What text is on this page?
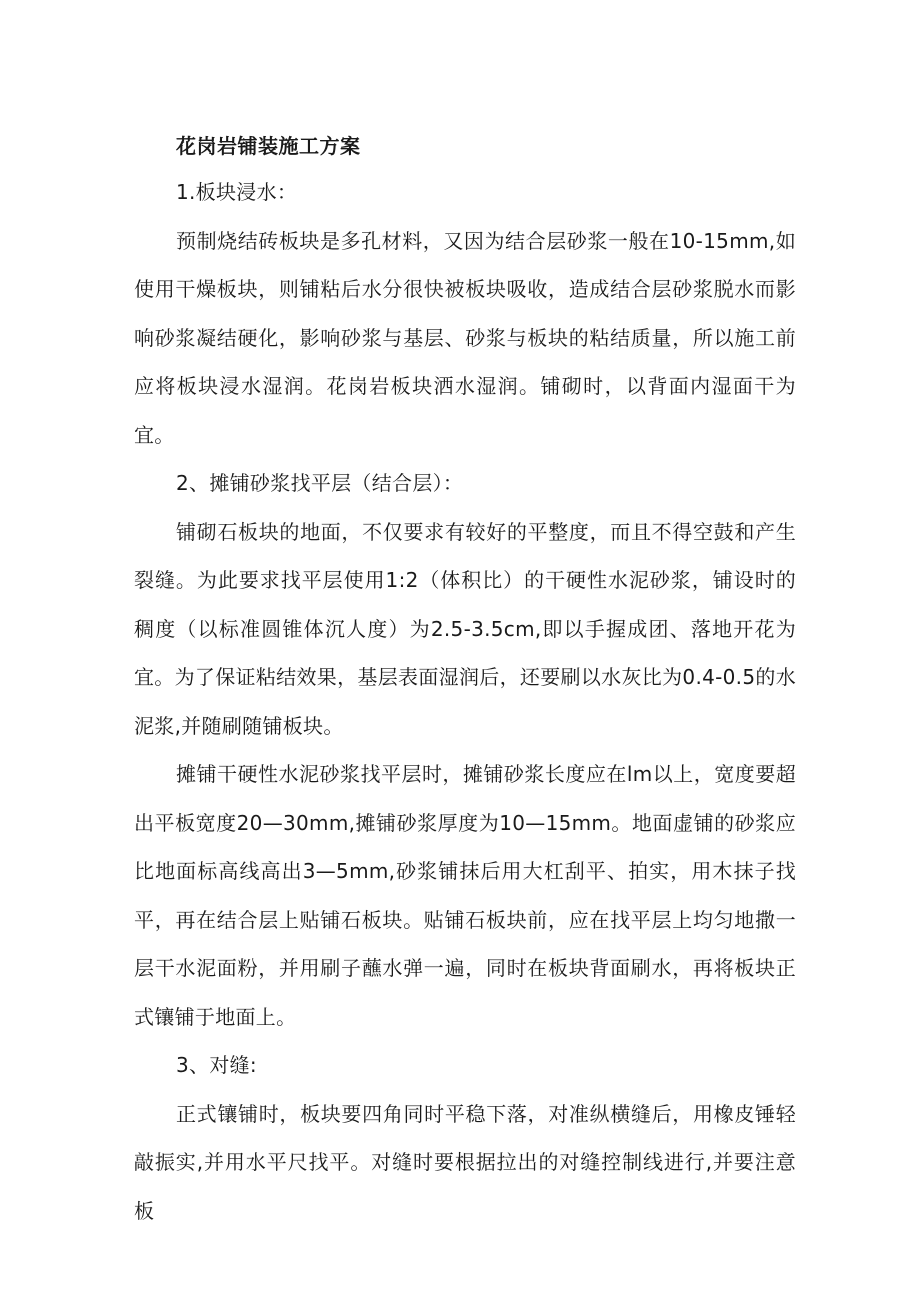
花岗岩铺装施工方案

1.板块浸水：

预制烧结砖板块是多孔材料，又因为结合层砂浆一般在10-15mm,如使用干燥板块，则铺粘后水分很快被板块吸收，造成结合层砂浆脱水而影响砂浆凝结硬化，影响砂浆与基层、砂浆与板块的粘结质量，所以施工前应将板块浸水湿润。花岗岩板块洒水湿润。铺砌时，以背面内湿面干为宜。

2、摊铺砂浆找平层（结合层）：

铺砌石板块的地面，不仅要求有较好的平整度，而且不得空鼓和产生裂缝。为此要求找平层使用1:2（体积比）的干硬性水泥砂浆，铺设时的稠度（以标准圆锥体沉人度）为2.5-3.5cm,即以手握成团、落地开花为宜。为了保证粘结效果，基层表面湿润后，还要刷以水灰比为0.4-0.5的水泥浆,并随刷随铺板块。

摊铺干硬性水泥砂浆找平层时，摊铺砂浆长度应在lm以上，宽度要超出平板宽度20—30mm,摊铺砂浆厚度为10—15mm。地面虚铺的砂浆应比地面标高线高出3—5mm,砂浆铺抹后用大杠刮平、拍实，用木抹子找平，再在结合层上贴铺石板块。贴铺石板块前，应在找平层上均匀地撒一层干水泥面粉，并用刷子蘸水弹一遍，同时在板块背面刷水，再将板块正式镶铺于地面上。

3、对缝:

正式镶铺时，板块要四角同时平稳下落，对准纵横缝后，用橡皮锤轻敲振实,并用水平尺找平。对缝时要根据拉出的对缝控制线进行,并要注意板
